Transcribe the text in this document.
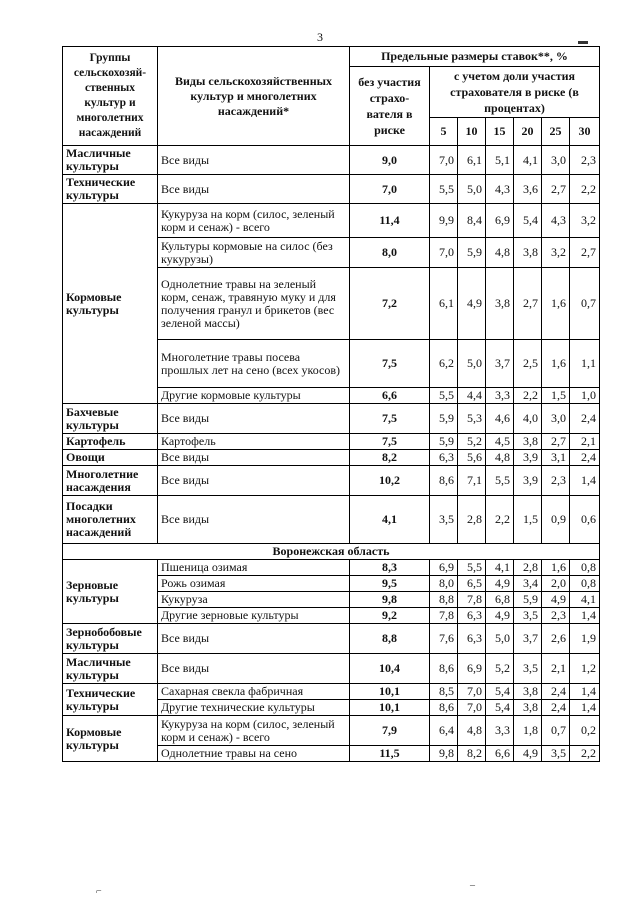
3	▬
⌐
‒
Группы сельскохозяй-ственных культур и многолетних насаждений	Виды сельскохозяйственных культур и многолетних насаждений*	Предельные размеры ставок**, %						
		без участия страхо-вателя в риске	с учетом доли участия страхователя в риске (в процентах)					
			5	10	15	20	25	30
Масличные культуры	Все виды	9,0	7,0	6,1	5,1	4,1	3,0	2,3
Технические культуры	Все виды	7,0	5,5	5,0	4,3	3,6	2,7	2,2
Кормовые культуры	Кукуруза на корм (силос, зеленый корм и сенаж) - всего	11,4	9,9	8,4	6,9	5,4	4,3	3,2
	Культуры кормовые на силос (без кукурузы)	8,0	7,0	5,9	4,8	3,8	3,2	2,7
	Однолетние травы на зеленый корм, сенаж, травяную муку и для получения гранул и брикетов (вес зеленой массы)	7,2	6,1	4,9	3,8	2,7	1,6	0,7
	Многолетние травы посева прошлых лет на сено (всех укосов)	7,5	6,2	5,0	3,7	2,5	1,6	1,1
	Другие кормовые культуры	6,6	5,5	4,4	3,3	2,2	1,5	1,0
Бахчевые культуры	Все виды	7,5	5,9	5,3	4,6	4,0	3,0	2,4
Картофель	Картофель	7,5	5,9	5,2	4,5	3,8	2,7	2,1
Овощи	Все виды	8,2	6,3	5,6	4,8	3,9	3,1	2,4
Многолетние насаждения	Все виды	10,2	8,6	7,1	5,5	3,9	2,3	1,4
Посадки многолетних насаждений	Все виды	4,1	3,5	2,8	2,2	1,5	0,9	0,6
Воронежская область								
Зерновые культуры	Пшеница озимая	8,3	6,9	5,5	4,1	2,8	1,6	0,8
	Рожь озимая	9,5	8,0	6,5	4,9	3,4	2,0	0,8
	Кукуруза	9,8	8,8	7,8	6,8	5,9	4,9	4,1
	Другие зерновые культуры	9,2	7,8	6,3	4,9	3,5	2,3	1,4
Зернобобовые культуры	Все виды	8,8	7,6	6,3	5,0	3,7	2,6	1,9
Масличные культуры	Все виды	10,4	8,6	6,9	5,2	3,5	2,1	1,2
Технические культуры	Сахарная свекла фабричная	10,1	8,5	7,0	5,4	3,8	2,4	1,4
	Другие технические культуры	10,1	8,6	7,0	5,4	3,8	2,4	1,4
Кормовые культуры	Кукуруза на корм (силос, зеленый корм и сенаж) - всего	7,9	6,4	4,8	3,3	1,8	0,7	0,2
	Однолетние травы на сено	11,5	9,8	8,2	6,6	4,9	3,5	2,2
